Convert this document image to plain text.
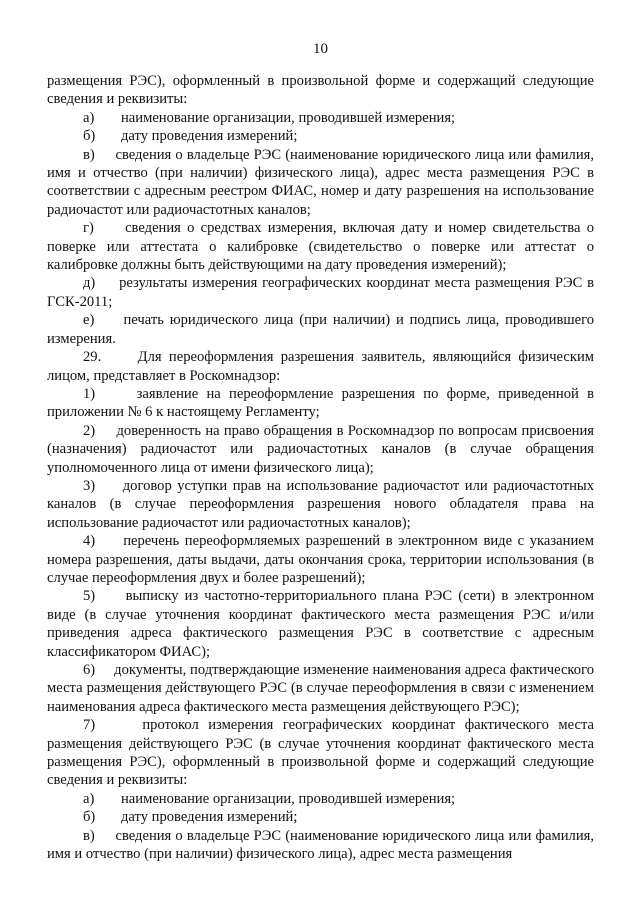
10

размещения РЭС), оформленный в произвольной форме и содержащий следующие сведения и реквизиты:

а)	наименование организации, проводившей измерения;
б)	дату проведения измерений;

в) сведения о владельце РЭС (наименование юридического лица или фамилия, имя и отчество (при наличии) физического лица), адрес места размещения РЭС в соответствии с адресным реестром ФИАС, номер и дату разрешения на использование радиочастот или радиочастотных каналов;

г) сведения о средствах измерения, включая дату и номер свидетельства о поверке или аттестата о калибровке (свидетельство о поверке или аттестат о калибровке должны быть действующими на дату проведения измерений);

д) результаты измерения географических координат места размещения РЭС в ГСК-2011;

е) печать юридического лица (при наличии) и подпись лица, проводившего измерения.

29. Для переоформления разрешения заявитель, являющийся физическим лицом, представляет в Роскомнадзор:

1)	заявление на переоформление разрешения по форме, приведенной в приложении № 6 к настоящему Регламенту;

2) доверенность на право обращения в Роскомнадзор по вопросам присвоения (назначения) радиочастот или радиочастотных каналов (в случае обращения уполномоченного лица от имени физического лица);

3) договор уступки прав на использование радиочастот или радиочастотных каналов (в случае переоформления разрешения нового обладателя права на использование радиочастот или радиочастотных каналов);

4) перечень переоформляемых разрешений в электронном виде с указанием номера разрешения, даты выдачи, даты окончания срока, территории использования (в случае переоформления двух и более разрешений);

5) выписку из частотно-территориального плана РЭС (сети) в электронном виде (в случае уточнения координат фактического места размещения РЭС и/или приведения адреса фактического размещения РЭС в соответствие с адресным классификатором ФИАС);

6) документы, подтверждающие изменение наименования адреса фактического места размещения действующего РЭС (в случае переоформления в связи с изменением наименования адреса фактического места размещения действующего РЭС);

7)	протокол измерения географических координат фактического места размещения действующего РЭС (в случае уточнения координат фактического места размещения РЭС), оформленный в произвольной форме и содержащий следующие сведения и реквизиты:

а)	наименование организации, проводившей измерения;
б)	дату проведения измерений;

в) сведения о владельце РЭС (наименование юридического лица или фамилия, имя и отчество (при наличии) физического лица), адрес места размещения
